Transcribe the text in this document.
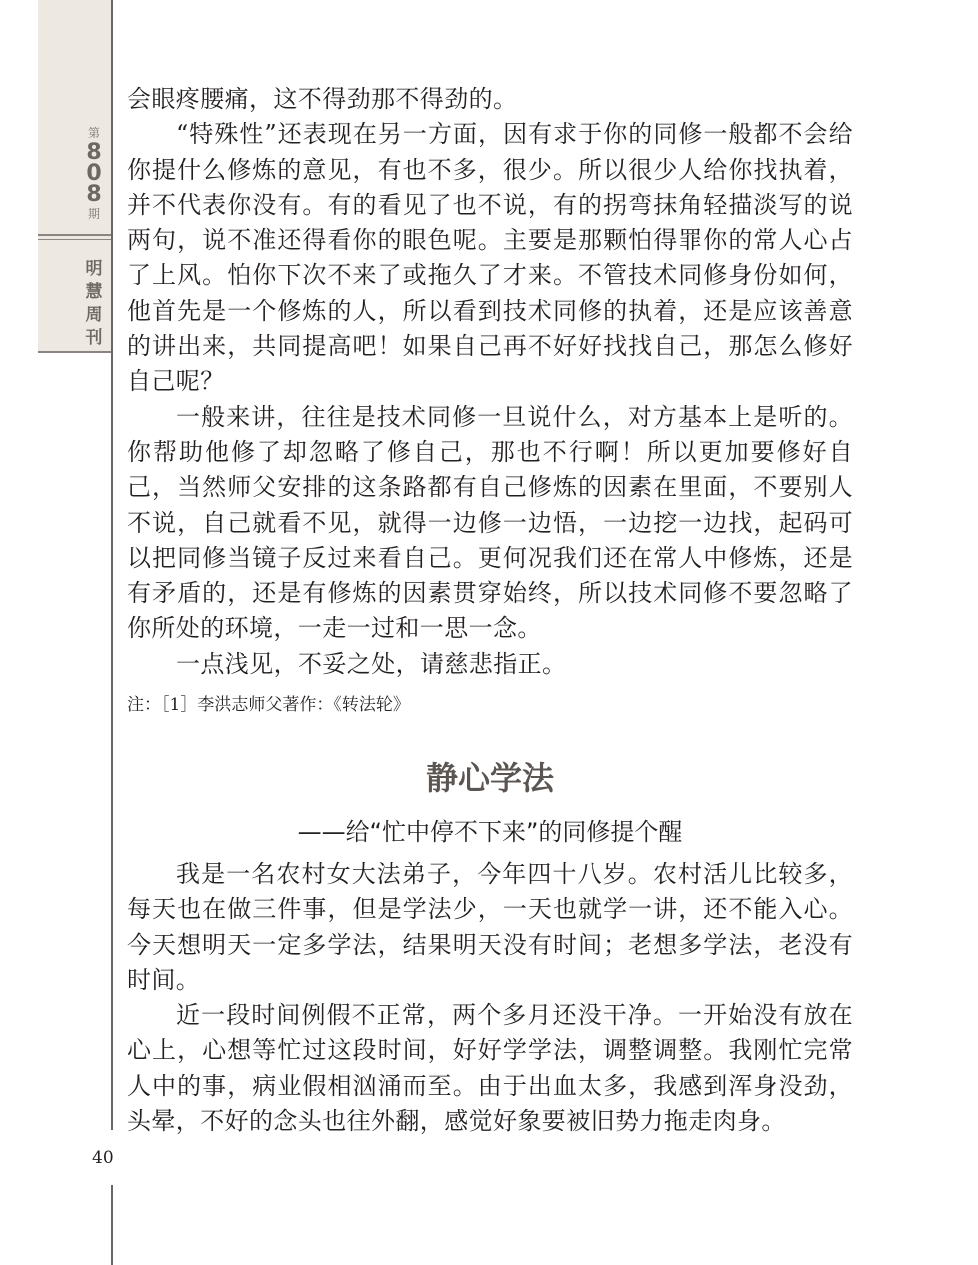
第
8
0
8
期
明
慧
周
刊

会眼疼腰痛，这不得劲那不得劲的。

“特殊性”还表现在另一方面，因有求于你的同修一般都不会给你提什么修炼的意见，有也不多，很少。所以很少人给你找执着，并不代表你没有。有的看见了也不说，有的拐弯抹角轻描淡写的说两句，说不准还得看你的眼色呢。主要是那颗怕得罪你的常人心占了上风。怕你下次不来了或拖久了才来。不管技术同修身份如何，他首先是一个修炼的人，所以看到技术同修的执着，还是应该善意的讲出来，共同提高吧！如果自己再不好好找找自己，那怎么修好自己呢？

一般来讲，往往是技术同修一旦说什么，对方基本上是听的。你帮助他修了却忽略了修自己，那也不行啊！所以更加要修好自己，当然师父安排的这条路都有自己修炼的因素在里面，不要别人不说，自己就看不见，就得一边修一边悟，一边挖一边找，起码可以把同修当镜子反过来看自己。更何况我们还在常人中修炼，还是有矛盾的，还是有修炼的因素贯穿始终，所以技术同修不要忽略了你所处的环境，一走一过和一思一念。

一点浅见，不妥之处，请慈悲指正。

注：［1］李洪志师父著作：《转法轮》
静心学法
——给“忙中停不下来”的同修提个醒

我是一名农村女大法弟子，今年四十八岁。农村活儿比较多，每天也在做三件事，但是学法少，一天也就学一讲，还不能入心。今天想明天一定多学法，结果明天没有时间；老想多学法，老没有时间。

近一段时间例假不正常，两个多月还没干净。一开始没有放在心上，心想等忙过这段时间，好好学学法，调整调整。我刚忙完常人中的事，病业假相汹涌而至。由于出血太多，我感到浑身没劲，头晕，不好的念头也往外翻，感觉好象要被旧势力拖走肉身。

40
